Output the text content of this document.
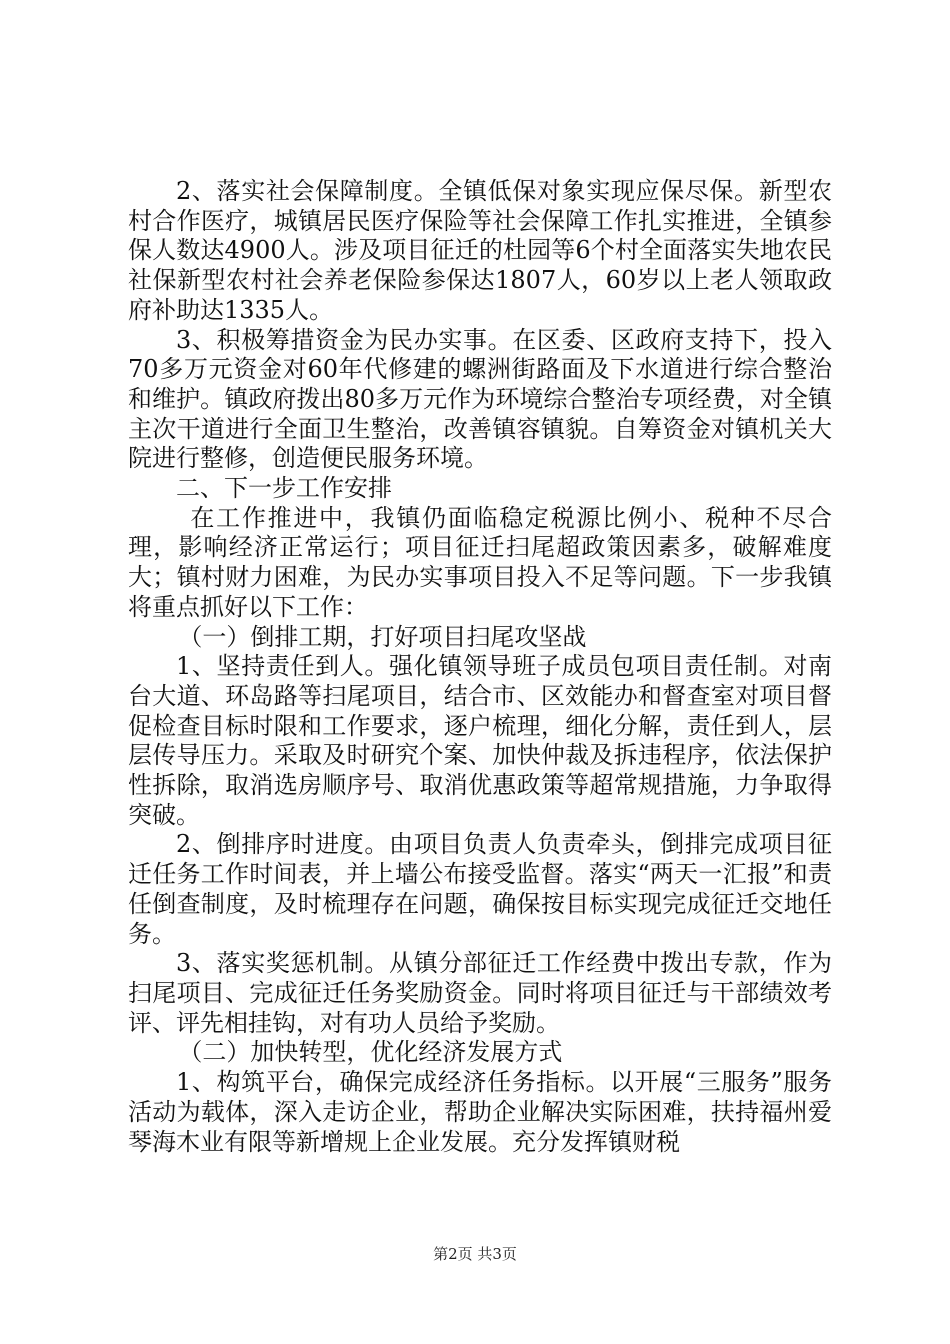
2、落实社会保障制度。全镇低保对象实现应保尽保。新型农村合作医疗，城镇居民医疗保险等社会保障工作扎实推进，全镇参保人数达4900人。涉及项目征迁的杜园等6个村全面落实失地农民社保新型农村社会养老保险参保达1807人，60岁以上老人领取政府补助达1335人。

3、积极筹措资金为民办实事。在区委、区政府支持下，投入70多万元资金对60年代修建的螺洲街路面及下水道进行综合整治和维护。镇政府拨出80多万元作为环境综合整治专项经费，对全镇主次干道进行全面卫生整治，改善镇容镇貌。自筹资金对镇机关大院进行整修，创造便民服务环境。

二、下一步工作安排

在工作推进中，我镇仍面临稳定税源比例小、税种不尽合理，影响经济正常运行；项目征迁扫尾超政策因素多，破解难度大；镇村财力困难，为民办实事项目投入不足等问题。下一步我镇将重点抓好以下工作：

（一）倒排工期，打好项目扫尾攻坚战

1、坚持责任到人。强化镇领导班子成员包项目责任制。对南台大道、环岛路等扫尾项目，结合市、区效能办和督查室对项目督促检查目标时限和工作要求，逐户梳理，细化分解，责任到人，层层传导压力。采取及时研究个案、加快仲裁及拆违程序，依法保护性拆除，取消选房顺序号、取消优惠政策等超常规措施，力争取得突破。

2、倒排序时进度。由项目负责人负责牵头，倒排完成项目征迁任务工作时间表，并上墙公布接受监督。落实“两天一汇报”和责任倒查制度，及时梳理存在问题，确保按目标实现完成征迁交地任务。

3、落实奖惩机制。从镇分部征迁工作经费中拨出专款，作为扫尾项目、完成征迁任务奖励资金。同时将项目征迁与干部绩效考评、评先相挂钩，对有功人员给予奖励。

（二）加快转型，优化经济发展方式

1、构筑平台，确保完成经济任务指标。以开展“三服务”服务活动为载体，深入走访企业，帮助企业解决实际困难，扶持福州爱琴海木业有限等新增规上企业发展。充分发挥镇财税

第2页 共3页
